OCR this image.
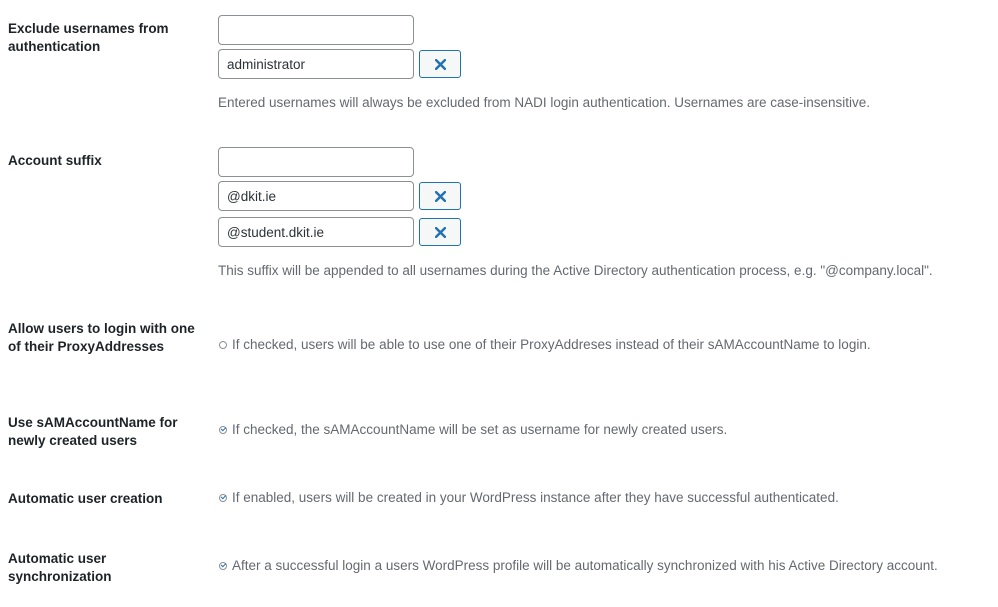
Exclude usernames from authentication
administrator
Entered usernames will always be excluded from NADI login authentication. Usernames are case-insensitive.
Account suffix
@dkit.ie
@student.dkit.ie
This suffix will be appended to all usernames during the Active Directory authentication process, e.g. "@company.local".
Allow users to login with one of their ProxyAddresses	If checked, users will be able to use one of their ProxyAddreses instead of their sAMAccountName to login.
Use sAMAccountName for newly created users
If checked, the sAMAccountName will be set as username for newly created users.
Automatic user creation	If enabled, users will be created in your WordPress instance after they have successful authenticated.
Automatic user synchronization
After a successful login a users WordPress profile will be automatically synchronized with his Active Directory account.
